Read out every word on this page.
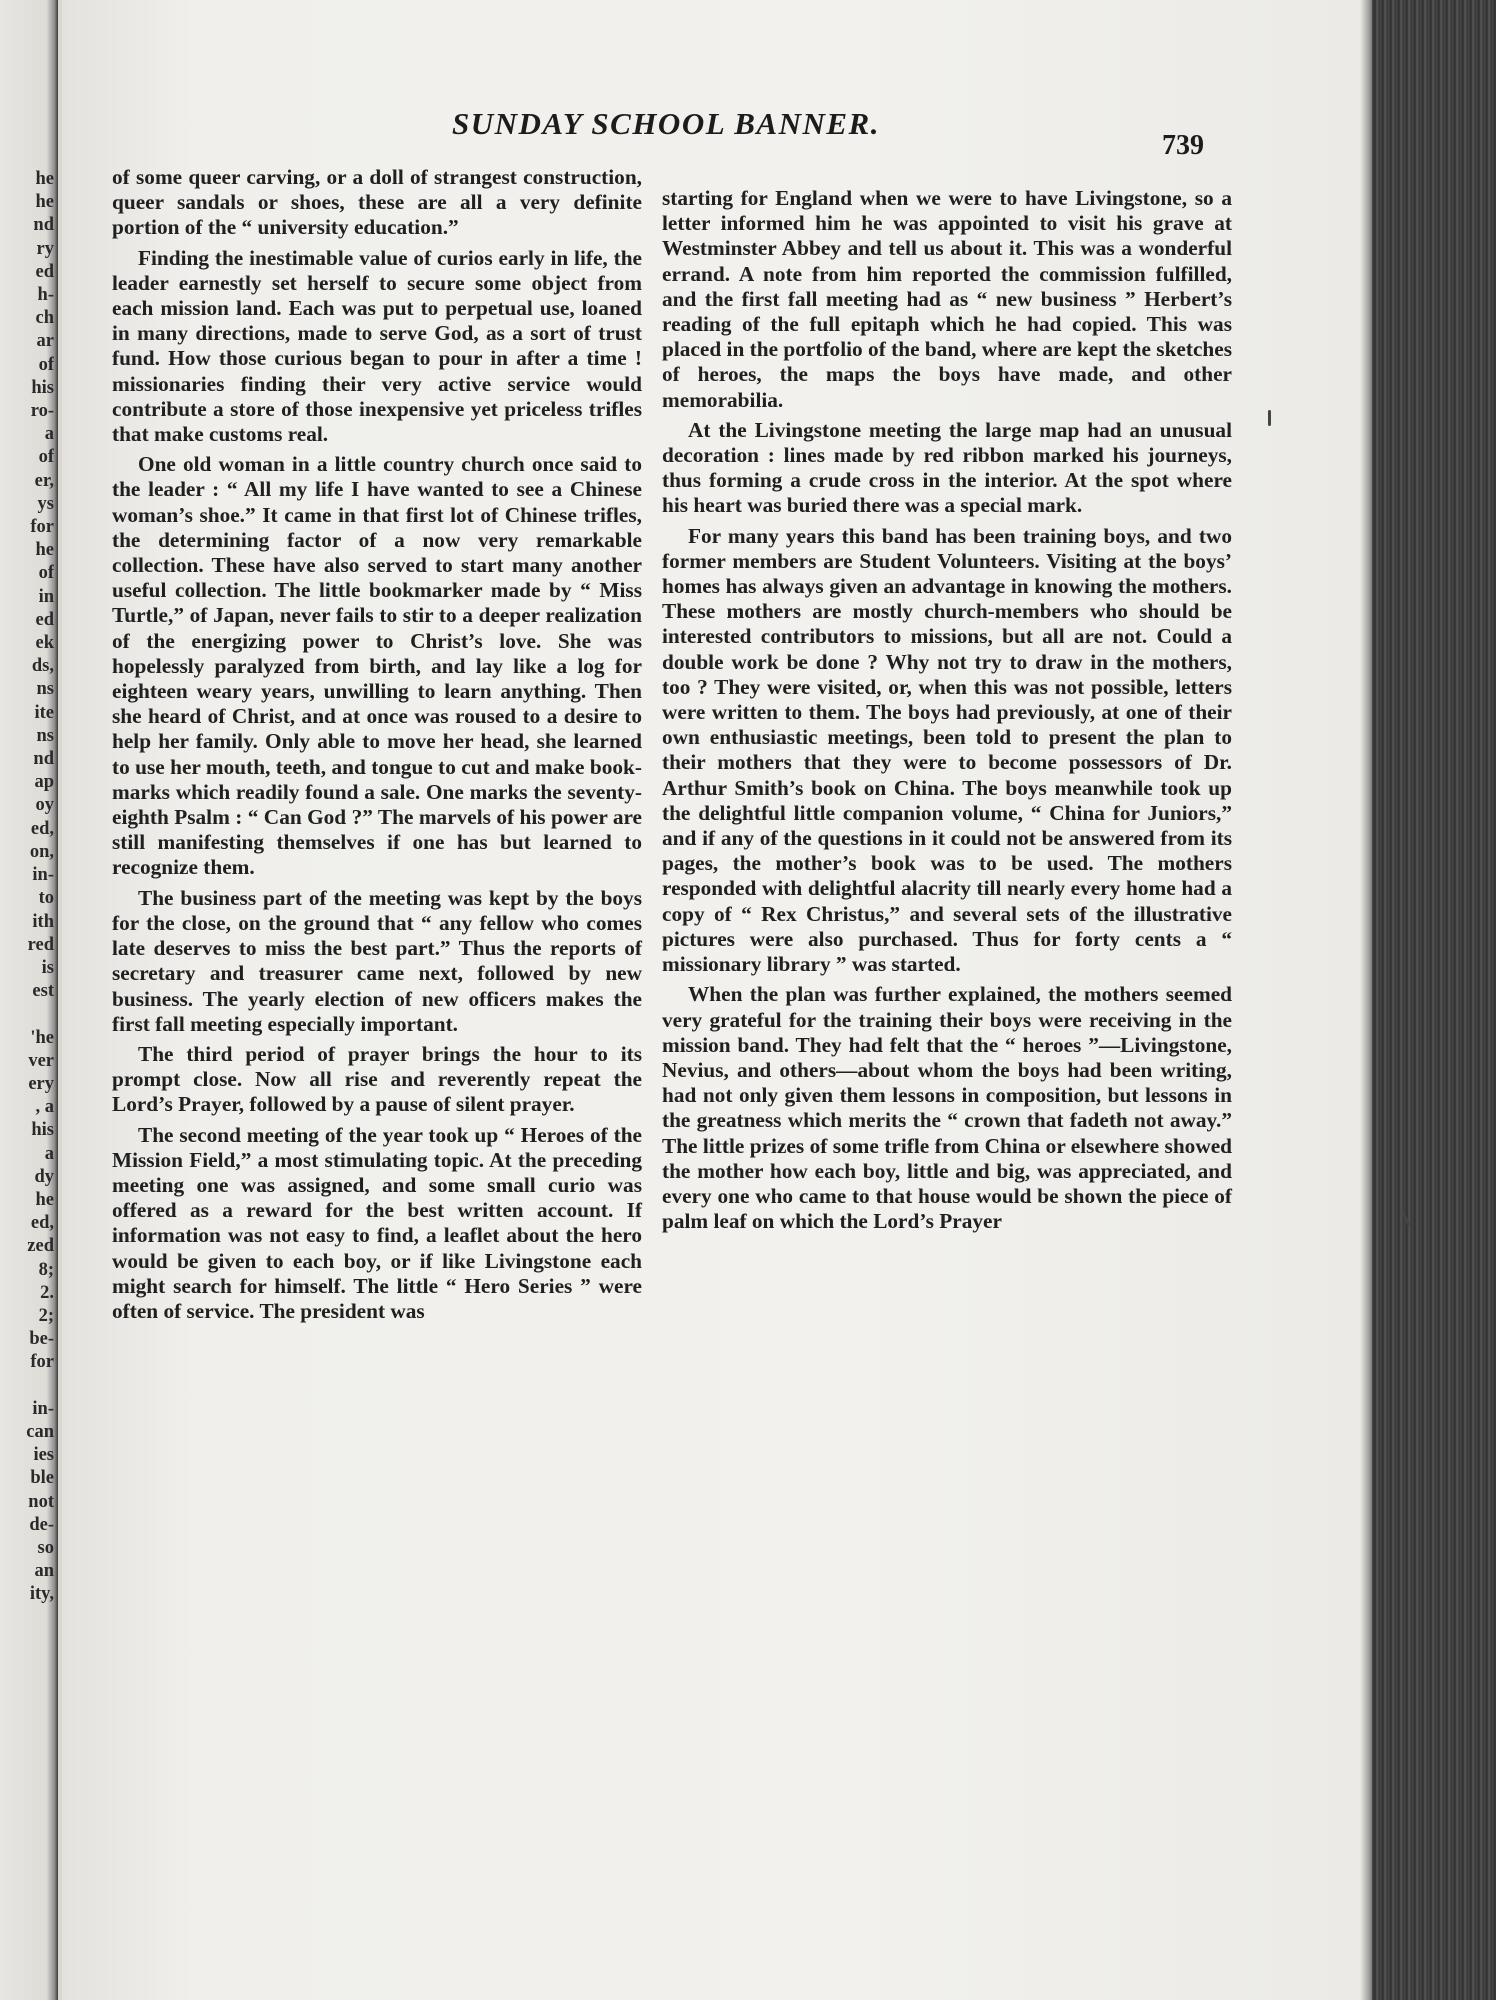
he
he
nd
ry
ed
h-
ch
ar
of
his
ro-
a
of
er,
ys
for
he
of
in
ed
ek
ds,
ns
ite
ns
nd
ap
oy
ed,
on,
in-
to
ith
red
is
est

'he
ver
ery
, a
his
a
dy
he
ed,
zed
8;
2.
2;
be-
for

in-
can
ies
ble
not
de-
so
an
ity,
SUNDAY SCHOOL BANNER.
739

of some queer carving, or a doll of strangest construction, queer sandals or shoes, these are all a very definite portion of the “ university education.”

Finding the inestimable value of curios early in life, the leader earnestly set herself to secure some object from each mission land. Each was put to perpetual use, loaned in many directions, made to serve God, as a sort of trust fund. How those curious began to pour in after a time ! missionaries finding their very active service would contribute a store of those inexpensive yet priceless trifles that make customs real.

One old woman in a little country church once said to the leader : “ All my life I have wanted to see a Chinese woman’s shoe.” It came in that first lot of Chinese trifles, the determining factor of a now very remarkable collection. These have also served to start many another useful collection. The little bookmarker made by “ Miss Turtle,” of Japan, never fails to stir to a deeper realization of the energizing power to Christ’s love. She was hopelessly paralyzed from birth, and lay like a log for eighteen weary years, unwilling to learn anything. Then she heard of Christ, and at once was roused to a desire to help her family. Only able to move her head, she learned to use her mouth, teeth, and tongue to cut and make book-marks which readily found a sale. One marks the seventy-eighth Psalm : “ Can God ?” The marvels of his power are still manifesting themselves if one has but learned to recognize them.

The business part of the meeting was kept by the boys for the close, on the ground that “ any fellow who comes late deserves to miss the best part.” Thus the reports of secretary and treasurer came next, followed by new business. The yearly election of new officers makes the first fall meeting especially important.

The third period of prayer brings the hour to its prompt close. Now all rise and reverently repeat the Lord’s Prayer, followed by a pause of silent prayer.

The second meeting of the year took up “ Heroes of the Mission Field,” a most stimulating topic. At the preceding meeting one was assigned, and some small curio was offered as a reward for the best written account. If information was not easy to find, a leaflet about the hero would be given to each boy, or if like Livingstone each might search for himself. The little “ Hero Series ” were often of service. The president was

starting for England when we were to have Livingstone, so a letter informed him he was appointed to visit his grave at Westminster Abbey and tell us about it. This was a wonderful errand. A note from him reported the commission fulfilled, and the first fall meeting had as “ new business ” Herbert’s reading of the full epitaph which he had copied. This was placed in the portfolio of the band, where are kept the sketches of heroes, the maps the boys have made, and other memorabilia.

At the Livingstone meeting the large map had an unusual decoration : lines made by red ribbon marked his journeys, thus forming a crude cross in the interior. At the spot where his heart was buried there was a special mark.

For many years this band has been training boys, and two former members are Student Volunteers. Visiting at the boys’ homes has always given an advantage in knowing the mothers. These mothers are mostly church-members who should be interested contributors to missions, but all are not. Could a double work be done ? Why not try to draw in the mothers, too ? They were visited, or, when this was not possible, letters were written to them. The boys had previously, at one of their own enthusiastic meetings, been told to present the plan to their mothers that they were to become possessors of Dr. Arthur Smith’s book on China. The boys meanwhile took up the delightful little companion volume, “ China for Juniors,” and if any of the questions in it could not be answered from its pages, the mother’s book was to be used. The mothers responded with delightful alacrity till nearly every home had a copy of “ Rex Christus,” and several sets of the illustrative pictures were also purchased. Thus for forty cents a “ missionary library ” was started.

When the plan was further explained, the mothers seemed very grateful for the training their boys were receiving in the mission band. They had felt that the “ heroes ”—Livingstone, Nevius, and others—about whom the boys had been writing, had not only given them lessons in composition, but lessons in the greatness which merits the “ crown that fadeth not away.” The little prizes of some trifle from China or elsewhere showed the mother how each boy, little and big, was appreciated, and every one who came to that house would be shown the piece of palm leaf on which the Lord’s Prayer
